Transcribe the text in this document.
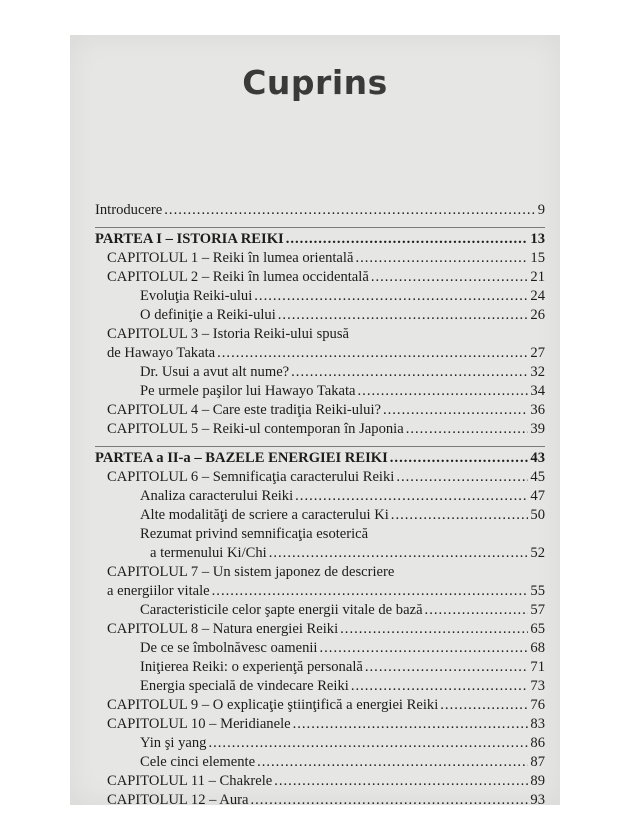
Cuprins
Introducere .....	9
PARTEA I – ISTORIA REIKI .....	13
CAPITOLUL 1 – Reiki în lumea orientală .....	15
CAPITOLUL 2 – Reiki în lumea occidentală .....	21
Evoluţia Reiki-ului .....	24
O definiţie a Reiki-ului .....	26
CAPITOLUL 3 – Istoria Reiki-ului spusă
de Hawayo Takata .....	27
Dr. Usui a avut alt nume? .....	32
Pe urmele paşilor lui Hawayo Takata .....	34
CAPITOLUL 4 – Care este tradiţia Reiki-ului? .....	36
CAPITOLUL 5 – Reiki-ul contemporan în Japonia .....	39
PARTEA a II-a – BAZELE ENERGIEI REIKI .....	43
CAPITOLUL 6 – Semnificaţia caracterului Reiki .....	45
Analiza caracterului Reiki .....	47
Alte modalităţi de scriere a caracterului Ki .....	50
Rezumat privind semnificaţia esoterică
a termenului Ki/Chi .....	52
CAPITOLUL 7 – Un sistem japonez de descriere
a energiilor vitale .....	55
Caracteristicile celor şapte energii vitale de bază .....	57
CAPITOLUL 8 – Natura energiei Reiki .....	65
De ce se îmbolnăvesc oamenii .....	68
Iniţierea Reiki: o experienţă personală .....	71
Energia specială de vindecare Reiki .....	73
CAPITOLUL 9 – O explicaţie ştiinţifică a energiei Reiki .....	76
CAPITOLUL 10 – Meridianele .....	83
Yin şi yang .....	86
Cele cinci elemente .....	87
CAPITOLUL 11 – Chakrele .....	89
CAPITOLUL 12 – Aura .....	93
